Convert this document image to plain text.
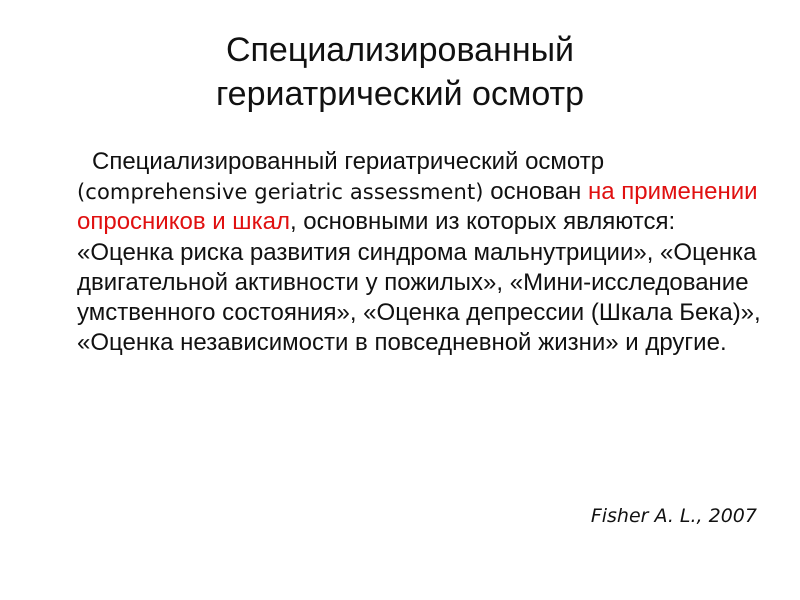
Специализированный
гериатрический осмотр
Специализированный гериатрический осмотр (comprehensive geriatric assessment) основан на применении опросников и шкал, основными из которых являются: «Оценка риска развития синдрома мальнутриции», «Оценка двигательной активности у пожилых», «Мини-исследование умственного состояния», «Оценка депрессии (Шкала Бека)», «Оценка независимости в повседневной жизни» и другие.
Fisher A. L., 2007
